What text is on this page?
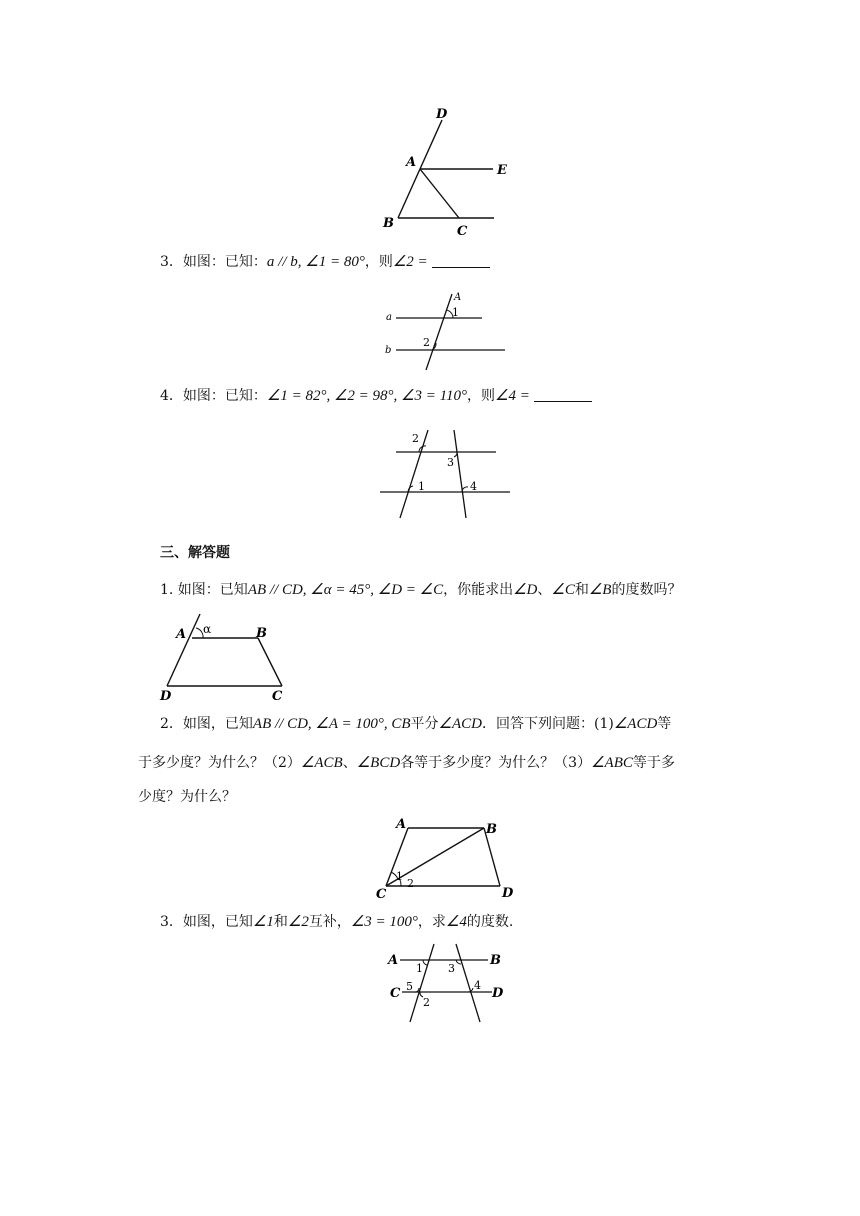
D
A
E
B
C
3．如图：已知：a // b, ∠1 = 80°，则∠2 =
A
a
b
1
2
4．如图：已知：∠1 = 82°, ∠2 = 98°, ∠3 = 110°，则∠4 =
2
3
1	4
三、解答题
1. 如图：已知AB // CD, ∠α = 45°, ∠D = ∠C，你能求出∠D、∠C和∠B的度数吗？
A α	B
D	C
2．如图，已知AB // CD, ∠A = 100°, CB平分∠ACD．回答下列问题：(1)∠ACD等
于多少度？为什么？（2）∠ACB、∠BCD各等于多少度？为什么？（3）∠ABC等于多
少度？为什么？
A	B
C	D
1
2
3．如图，已知∠1和∠2互补，∠3 = 100°，求∠4的度数.
A	B
C	D
1 3
5	4
2
